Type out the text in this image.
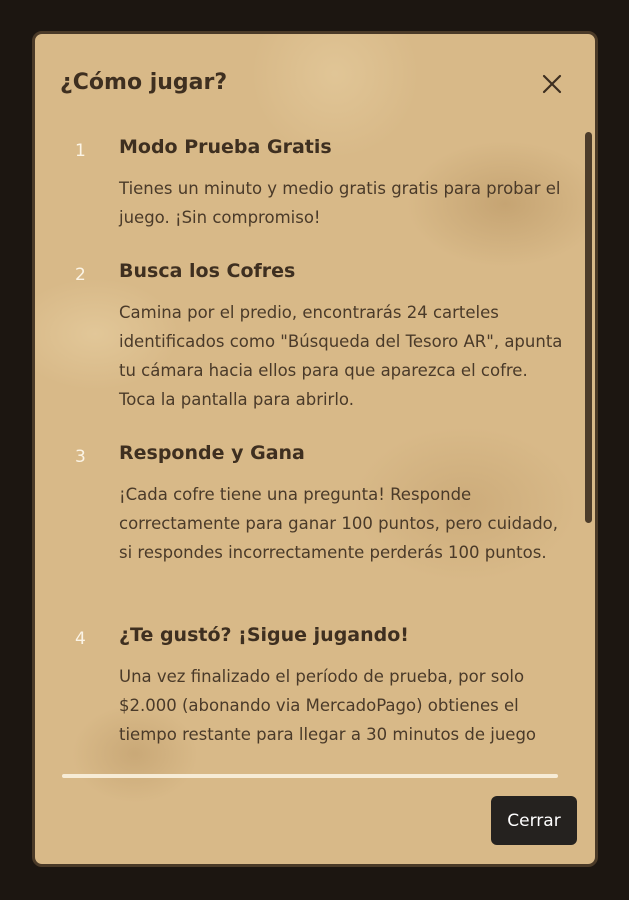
¿Cómo jugar?
1 Modo Prueba Gratis
Tienes un minuto y medio gratis gratis para probar el juego. ¡Sin compromiso!
2 Busca los Cofres
Camina por el predio, encontrarás 24 carteles identificados como "Búsqueda del Tesoro AR", apunta tu cámara hacia ellos para que aparezca el cofre. Toca la pantalla para abrirlo.
3 Responde y Gana
¡Cada cofre tiene una pregunta! Responde correctamente para ganar 100 puntos, pero cuidado, si respondes incorrectamente perderás 100 puntos.
4 ¿Te gustó? ¡Sigue jugando!
Una vez finalizado el período de prueba, por solo $2.000 (abonando via MercadoPago) obtienes el tiempo restante para llegar a 30 minutos de juego
Cerrar
